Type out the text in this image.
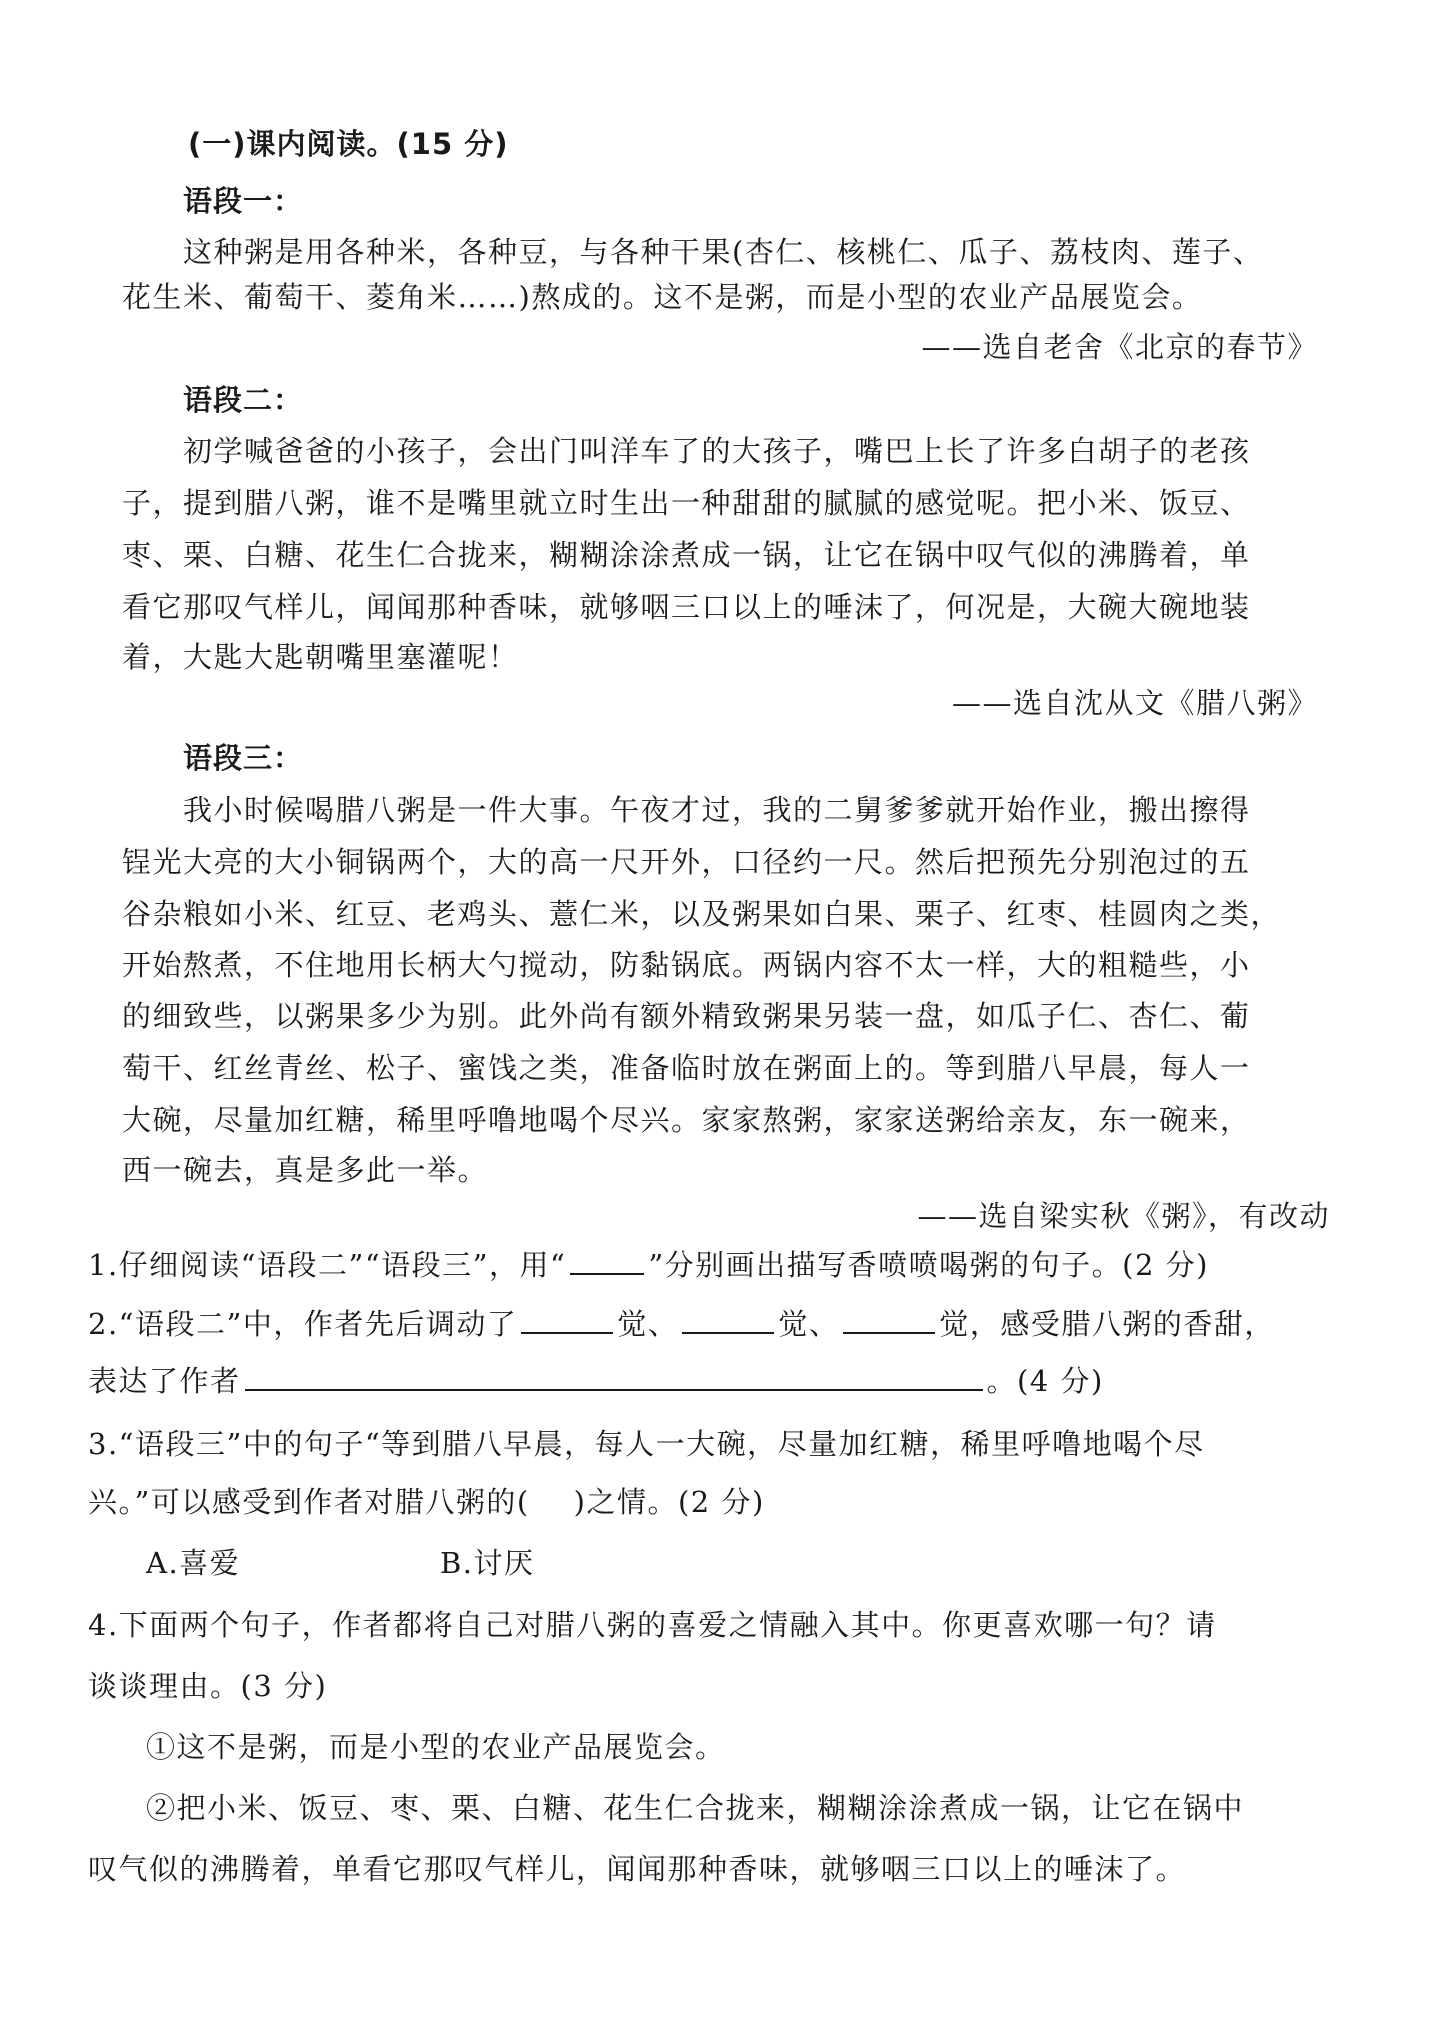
(一)课内阅读。(15 分)
语段一：
这种粥是用各种米，各种豆，与各种干果(杏仁、核桃仁、瓜子、荔枝肉、莲子、
花生米、葡萄干、菱角米……)熬成的。这不是粥，而是小型的农业产品展览会。
——选自老舍《北京的春节》
语段二：
初学喊爸爸的小孩子，会出门叫洋车了的大孩子，嘴巴上长了许多白胡子的老孩
子，提到腊八粥，谁不是嘴里就立时生出一种甜甜的腻腻的感觉呢。把小米、饭豆、
枣、栗、白糖、花生仁合拢来，糊糊涂涂煮成一锅，让它在锅中叹气似的沸腾着，单
看它那叹气样儿，闻闻那种香味，就够咽三口以上的唾沫了，何况是，大碗大碗地装
着，大匙大匙朝嘴里塞灌呢！
——选自沈从文《腊八粥》
语段三：
我小时候喝腊八粥是一件大事。午夜才过，我的二舅爹爹就开始作业，搬出擦得
锃光大亮的大小铜锅两个，大的高一尺开外，口径约一尺。然后把预先分别泡过的五
谷杂粮如小米、红豆、老鸡头、薏仁米，以及粥果如白果、栗子、红枣、桂圆肉之类，
开始熬煮，不住地用长柄大勺搅动，防黏锅底。两锅内容不太一样，大的粗糙些，小
的细致些，以粥果多少为别。此外尚有额外精致粥果另装一盘，如瓜子仁、杏仁、葡
萄干、红丝青丝、松子、蜜饯之类，准备临时放在粥面上的。等到腊八早晨，每人一
大碗，尽量加红糖，稀里呼噜地喝个尽兴。家家熬粥，家家送粥给亲友，东一碗来，
西一碗去，真是多此一举。
——选自梁实秋《粥》，有改动
1.仔细阅读“语段二”“语段三”，用“	”分别画出描写香喷喷喝粥的句子。(2 分)
2.“语段二”中，作者先后调动了	觉、	觉、	觉，感受腊八粥的香甜，
表达了作者	。(4 分)
3.“语段三”中的句子“等到腊八早晨，每人一大碗，尽量加红糖，稀里呼噜地喝个尽
兴。”可以感受到作者对腊八粥的( )之情。(2 分)
A.喜爱	B.讨厌
4.下面两个句子，作者都将自己对腊八粥的喜爱之情融入其中。你更喜欢哪一句？请
谈谈理由。(3 分)
①这不是粥，而是小型的农业产品展览会。
②把小米、饭豆、枣、栗、白糖、花生仁合拢来，糊糊涂涂煮成一锅，让它在锅中
叹气似的沸腾着，单看它那叹气样儿，闻闻那种香味，就够咽三口以上的唾沫了。
